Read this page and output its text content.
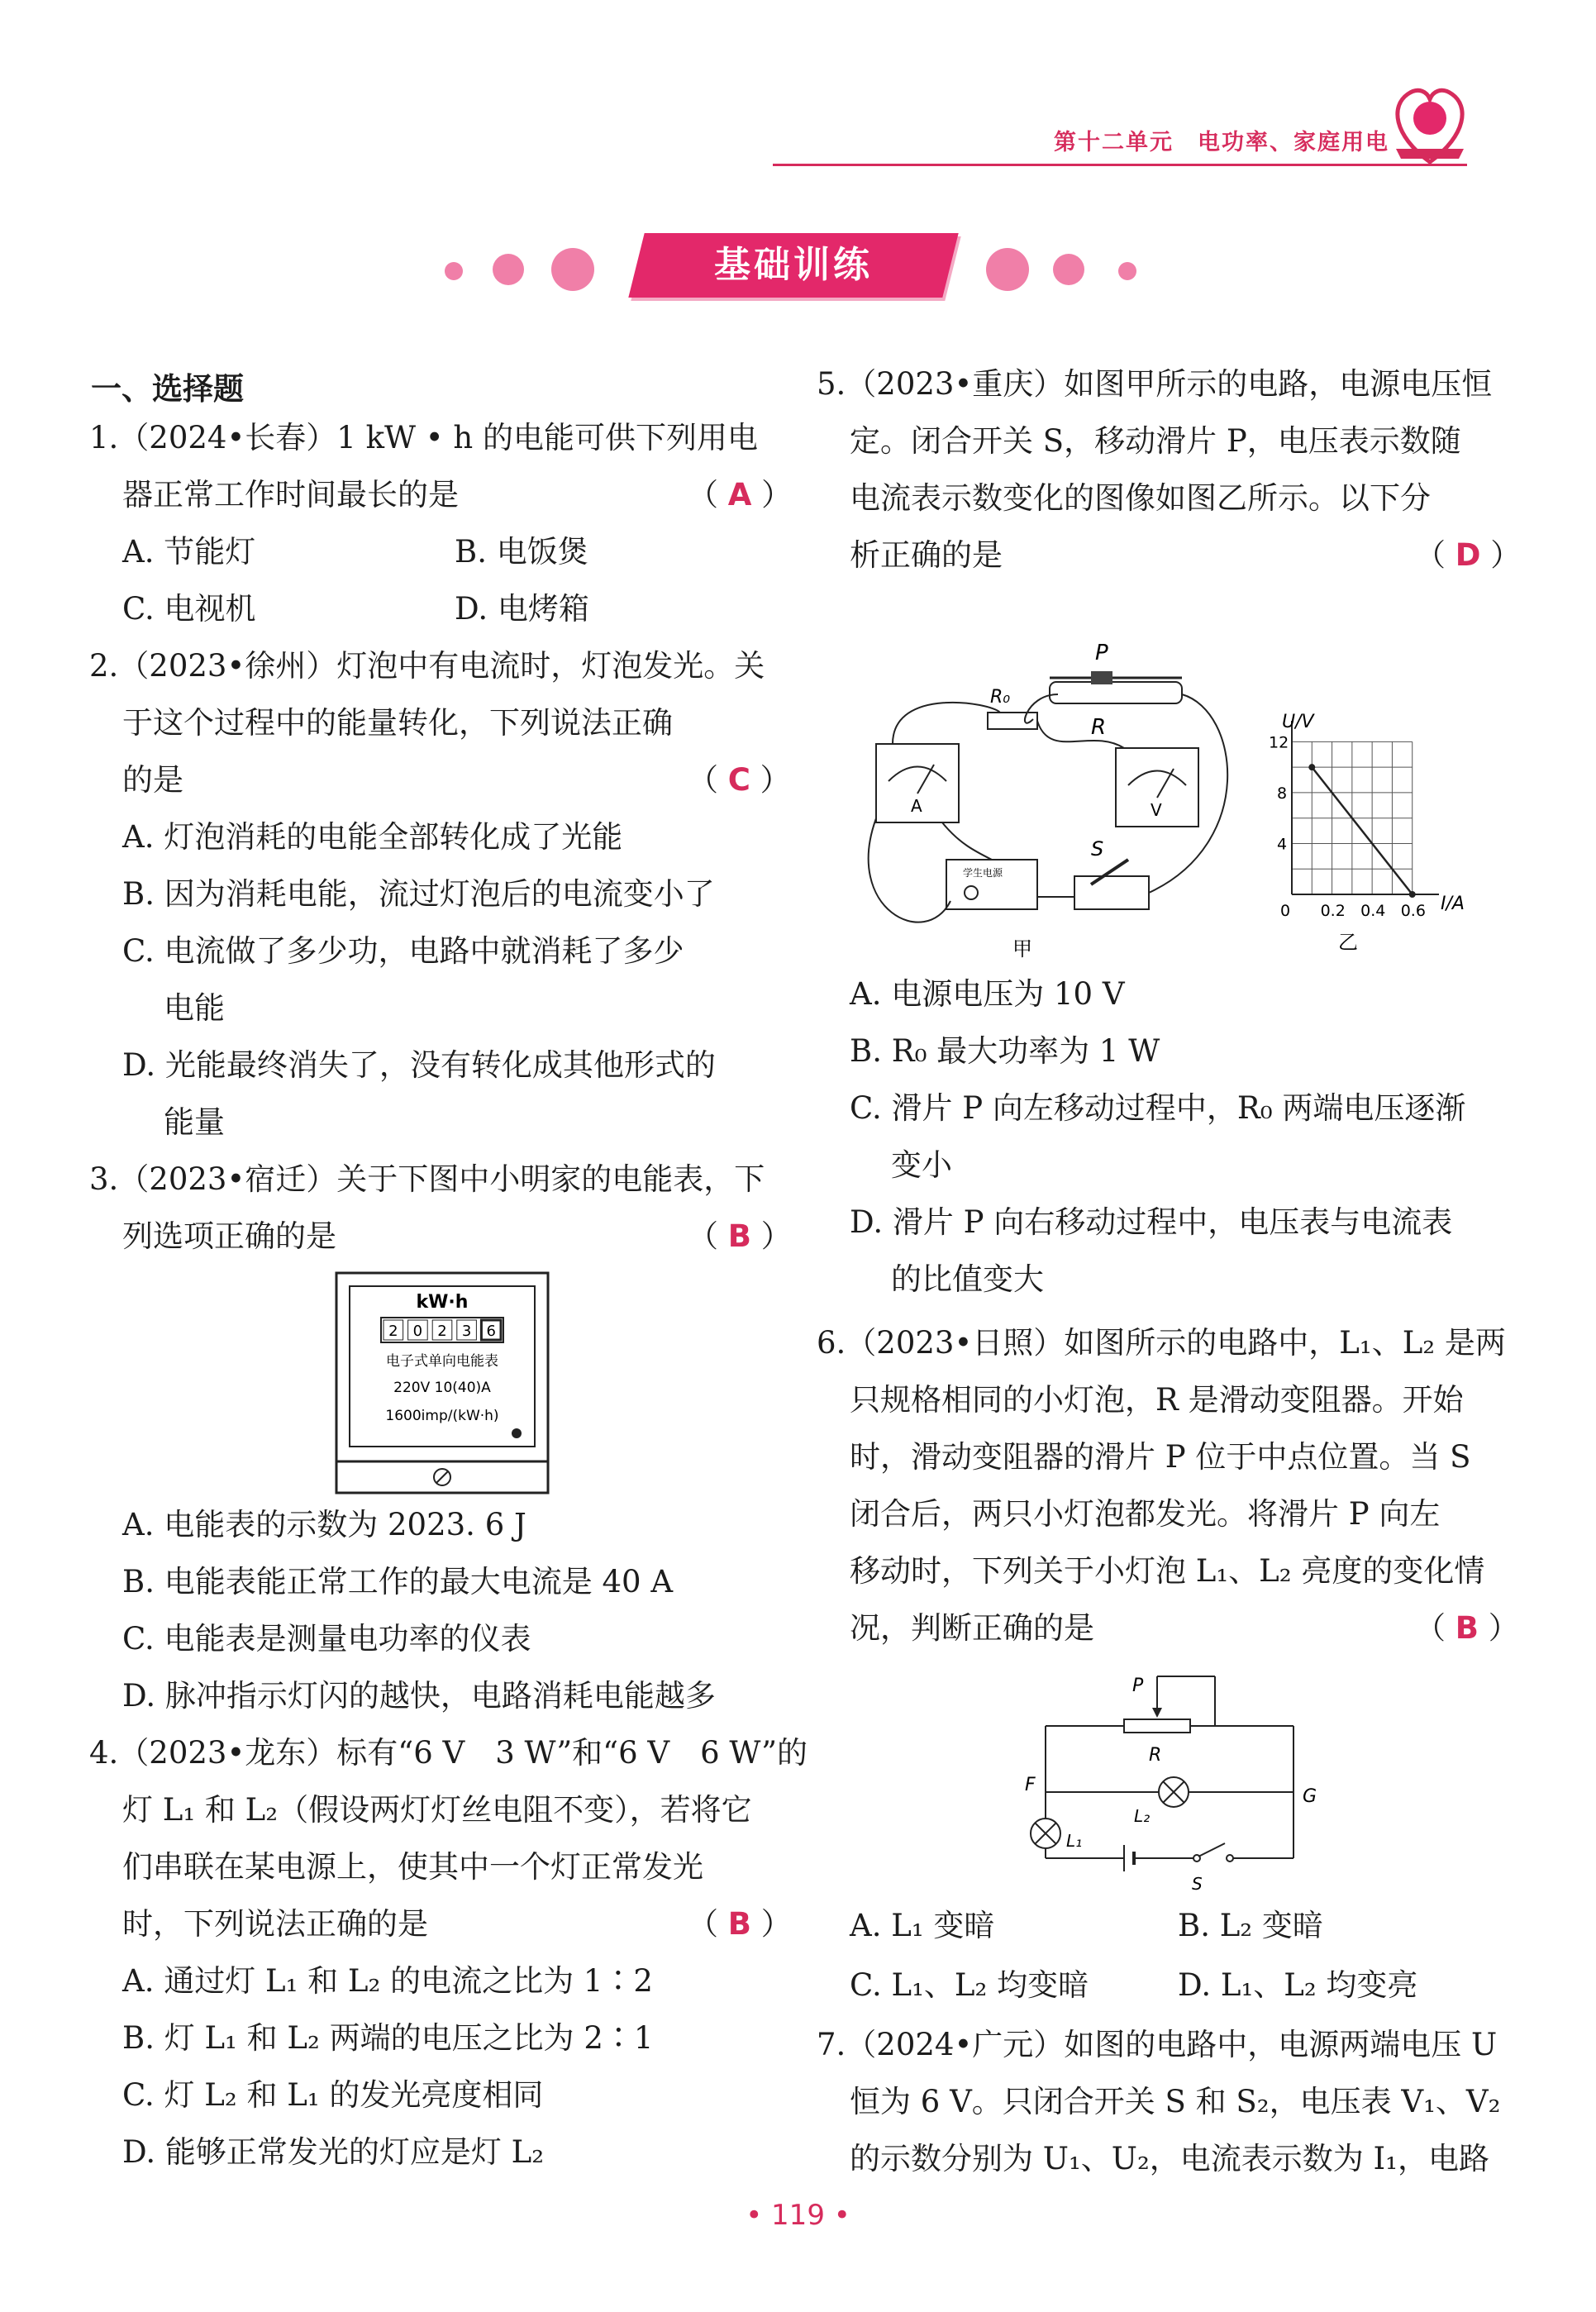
第十二单元　电功率、家庭用电
基础训练
一、选择题
1.（2024•长春）1 kW • h 的电能可供下列用电
器正常工作时间最长的是	（ A ）
A. 节能灯	B. 电饭煲
C. 电视机	D. 电烤箱
2.（2023•徐州）灯泡中有电流时，灯泡发光。关
于这个过程中的能量转化，下列说法正确
的是	（ C ）
A. 灯泡消耗的电能全部转化成了光能
B. 因为消耗电能，流过灯泡后的电流变小了
C. 电流做了多少功，电路中就消耗了多少
电能
D. 光能最终消失了，没有转化成其他形式的
能量
3.（2023•宿迁）关于下图中小明家的电能表，下
列选项正确的是	（ B ）
kW·h
2 0 2 3 6
电子式单向电能表
220V 10(40)A
1600imp/(kW·h)
A. 电能表的示数为 2023. 6 J
B. 电能表能正常工作的最大电流是 40 A
C. 电能表是测量电功率的仪表
D. 脉冲指示灯闪的越快，电路消耗电能越多
4.（2023•龙东）标有“6 V　3 W”和“6 V　6 W”的
灯 L₁ 和 L₂（假设两灯灯丝电阻不变），若将它
们串联在某电源上，使其中一个灯正常发光
时，下列说法正确的是	（ B ）
A. 通过灯 L₁ 和 L₂ 的电流之比为 1∶2
B. 灯 L₁ 和 L₂ 两端的电压之比为 2∶1
C. 灯 L₂ 和 L₁ 的发光亮度相同
D. 能够正常发光的灯应是灯 L₂
5.（2023•重庆）如图甲所示的电路，电源电压恒
定。闭合开关 S，移动滑片 P，电压表示数随
电流表示数变化的图像如图乙所示。以下分
析正确的是	（ D ）
P
R
R₀
A	V
学生电源
S
甲
0 0.2 0.4 0.6
4
8
12
U/V
I/A
乙
A. 电源电压为 10 V
B. R₀ 最大功率为 1 W
C. 滑片 P 向左移动过程中，R₀ 两端电压逐渐
变小
D. 滑片 P 向右移动过程中，电压表与电流表
的比值变大
6.（2023•日照）如图所示的电路中，L₁、L₂ 是两
只规格相同的小灯泡，R 是滑动变阻器。开始
时，滑动变阻器的滑片 P 位于中点位置。当 S
闭合后，两只小灯泡都发光。将滑片 P 向左
移动时，下列关于小灯泡 L₁、L₂ 亮度的变化情
况，判断正确的是	（ B ）
P
R
L₂
F
G
L₁
S
A. L₁ 变暗	B. L₂ 变暗
C. L₁、L₂ 均变暗	D. L₁、L₂ 均变亮
7.（2024•广元）如图的电路中，电源两端电压 U
恒为 6 V。只闭合开关 S 和 S₂，电压表 V₁、V₂
的示数分别为 U₁、U₂，电流表示数为 I₁，电路
• 119 •
